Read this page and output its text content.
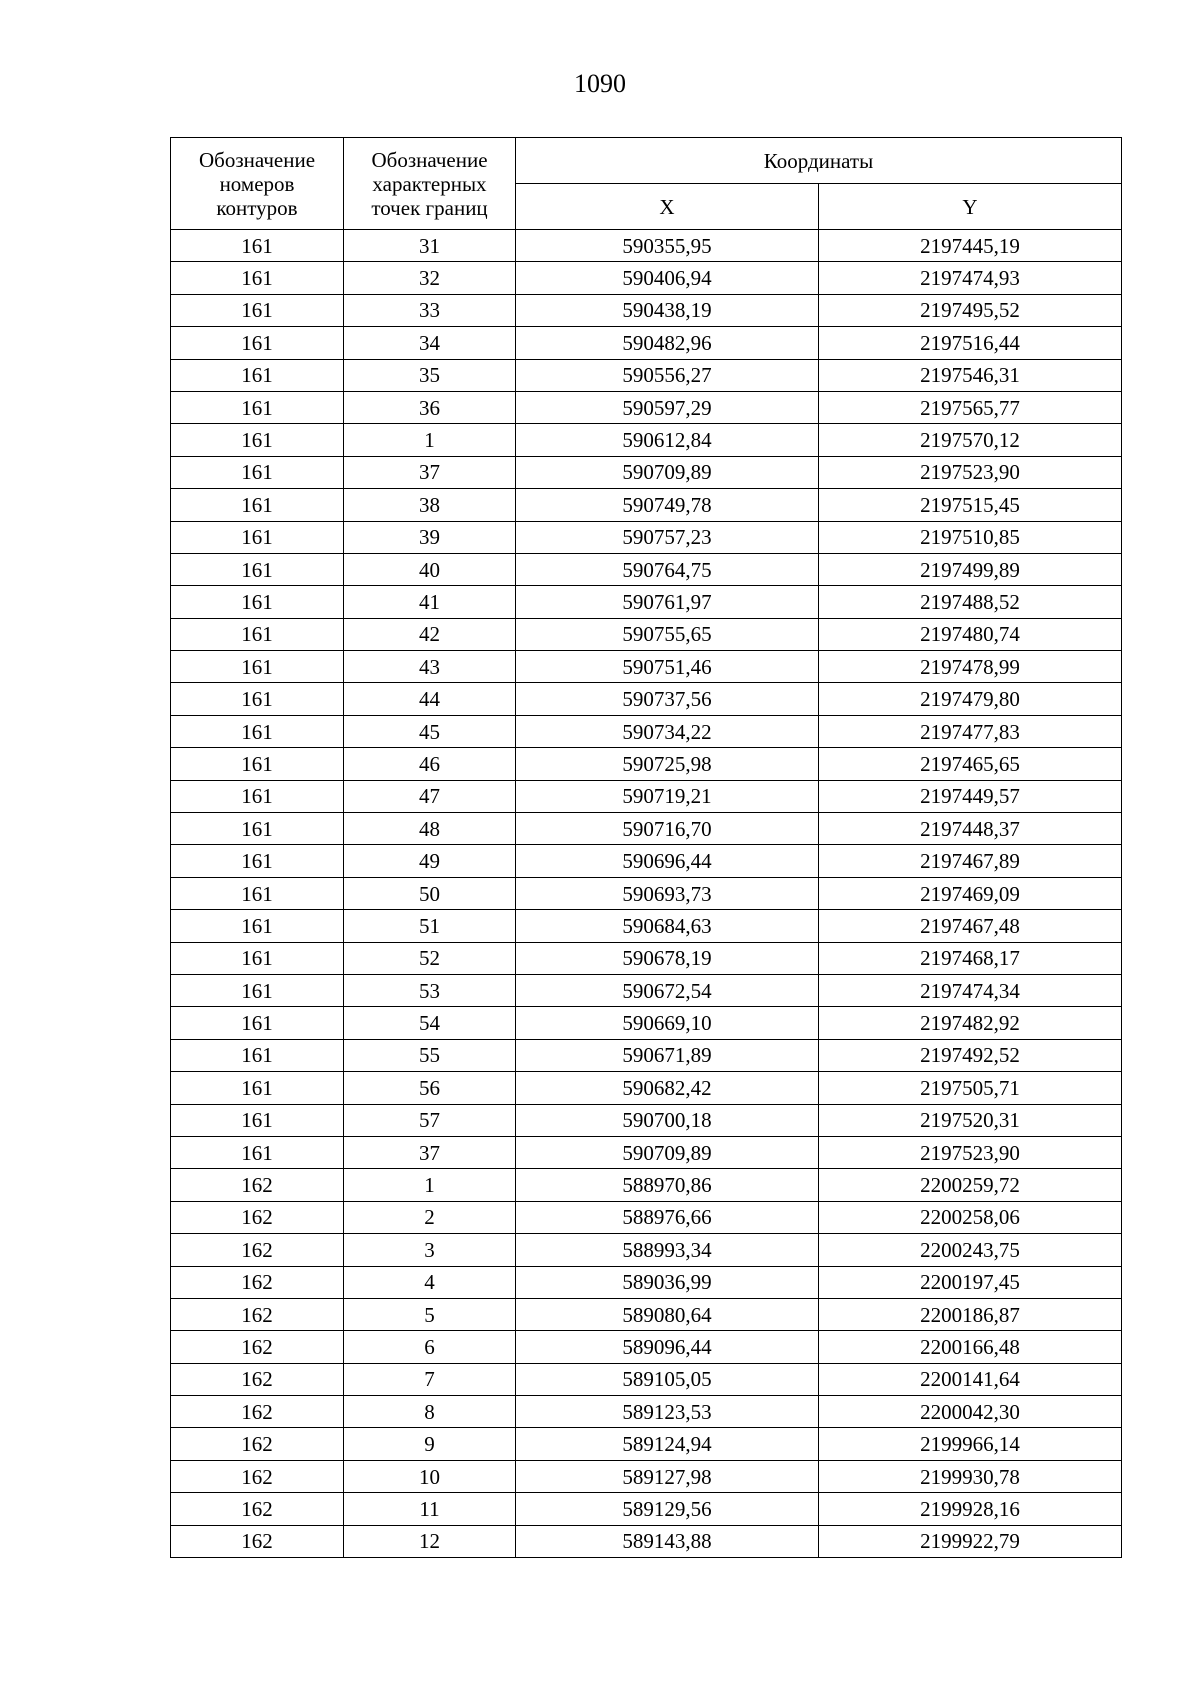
1090
Обозначение
номеров
контуров	Обозначение
характерных
точек границ	Координаты	
		X	Y
161	31	590355,95	2197445,19
161	32	590406,94	2197474,93
161	33	590438,19	2197495,52
161	34	590482,96	2197516,44
161	35	590556,27	2197546,31
161	36	590597,29	2197565,77
161	1	590612,84	2197570,12
161	37	590709,89	2197523,90
161	38	590749,78	2197515,45
161	39	590757,23	2197510,85
161	40	590764,75	2197499,89
161	41	590761,97	2197488,52
161	42	590755,65	2197480,74
161	43	590751,46	2197478,99
161	44	590737,56	2197479,80
161	45	590734,22	2197477,83
161	46	590725,98	2197465,65
161	47	590719,21	2197449,57
161	48	590716,70	2197448,37
161	49	590696,44	2197467,89
161	50	590693,73	2197469,09
161	51	590684,63	2197467,48
161	52	590678,19	2197468,17
161	53	590672,54	2197474,34
161	54	590669,10	2197482,92
161	55	590671,89	2197492,52
161	56	590682,42	2197505,71
161	57	590700,18	2197520,31
161	37	590709,89	2197523,90
162	1	588970,86	2200259,72
162	2	588976,66	2200258,06
162	3	588993,34	2200243,75
162	4	589036,99	2200197,45
162	5	589080,64	2200186,87
162	6	589096,44	2200166,48
162	7	589105,05	2200141,64
162	8	589123,53	2200042,30
162	9	589124,94	2199966,14
162	10	589127,98	2199930,78
162	11	589129,56	2199928,16
162	12	589143,88	2199922,79
